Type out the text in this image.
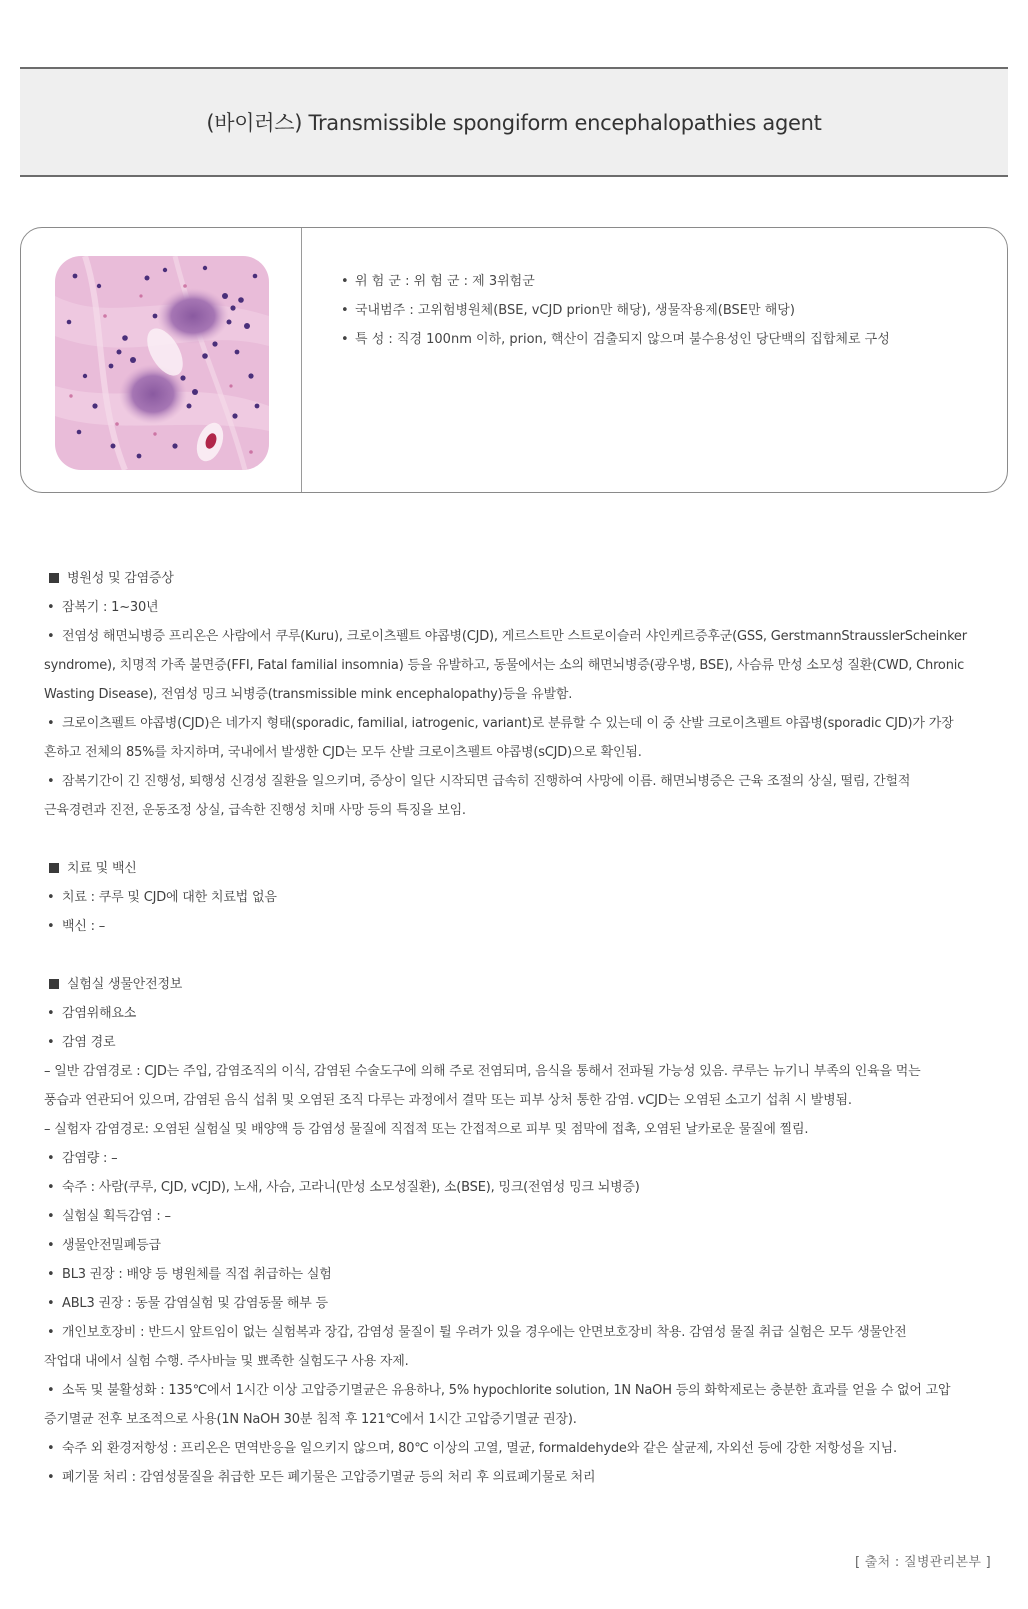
(바이러스) Transmissible spongiform encephalopathies agent
• 위 험 군 : 위 험 군 : 제 3위험군
• 국내범주 : 고위험병원체(BSE, vCJD prion만 해당), 생물작용제(BSE만 해당)
• 특 성 : 직경 100nm 이하, prion, 핵산이 검출되지 않으며 불수용성인 당단백의 집합체로 구성

병원성 및 감염증상

• 잠복기 : 1~30년

• 전염성 해면뇌병증 프리온은 사람에서 쿠루(Kuru), 크로이츠펠트 야콥병(CJD), 게르스트만 스트로이슬러 샤인케르증후군(GSS, GerstmannStrausslerScheinker

syndrome), 치명적 가족 불면증(FFI, Fatal familial insomnia) 등을 유발하고, 동물에서는 소의 해면뇌병증(광우병, BSE), 사슴류 만성 소모성 질환(CWD, Chronic

Wasting Disease), 전염성 밍크 뇌병증(transmissible mink encephalopathy)등을 유발함.

• 크로이츠펠트 야콥병(CJD)은 네가지 형태(sporadic, familial, iatrogenic, variant)로 분류할 수 있는데 이 중 산발 크로이츠펠트 야콥병(sporadic CJD)가 가장

흔하고 전체의 85%를 차지하며, 국내에서 발생한 CJD는 모두 산발 크로이츠펠트 야콥병(sCJD)으로 확인됨.

• 잠복기간이 긴 진행성, 퇴행성 신경성 질환을 일으키며, 증상이 일단 시작되면 급속히 진행하여 사망에 이름. 해면뇌병증은 근육 조절의 상실, 떨림, 간헐적

근육경련과 진전, 운동조정 상실, 급속한 진행성 치매 사망 등의 특징을 보임.

치료 및 백신

• 치료 : 쿠루 및 CJD에 대한 치료법 없음

• 백신 : –

실험실 생물안전정보

• 감염위해요소

• 감염 경로

– 일반 감염경로 : CJD는 주입, 감염조직의 이식, 감염된 수술도구에 의해 주로 전염되며, 음식을 통해서 전파될 가능성 있음. 쿠루는 뉴기니 부족의 인육을 먹는

풍습과 연관되어 있으며, 감염된 음식 섭취 및 오염된 조직 다루는 과정에서 결막 또는 피부 상처 통한 감염. vCJD는 오염된 소고기 섭취 시 발병됨.

– 실험자 감염경로: 오염된 실험실 및 배양액 등 감염성 물질에 직접적 또는 간접적으로 피부 및 점막에 접촉, 오염된 날카로운 물질에 찔림.

• 감염량 : –

• 숙주 : 사람(쿠루, CJD, vCJD), 노새, 사슴, 고라니(만성 소모성질환), 소(BSE), 밍크(전염성 밍크 뇌병증)

• 실험실 획득감염 : –

• 생물안전밀폐등급

• BL3 권장 : 배양 등 병원체를 직접 취급하는 실험

• ABL3 권장 : 동물 감염실험 및 감염동물 해부 등

• 개인보호장비 : 반드시 앞트임이 없는 실험복과 장갑, 감염성 물질이 튈 우려가 있을 경우에는 안면보호장비 착용. 감염성 물질 취급 실험은 모두 생물안전

작업대 내에서 실험 수행. 주사바늘 및 뾰족한 실험도구 사용 자제.

• 소독 및 불활성화 : 135℃에서 1시간 이상 고압증기멸균은 유용하나, 5% hypochlorite solution, 1N NaOH 등의 화학제로는 충분한 효과를 얻을 수 없어 고압

증기멸균 전후 보조적으로 사용(1N NaOH 30분 침적 후 121℃에서 1시간 고압증기멸균 권장).

• 숙주 외 환경저항성 : 프리온은 면역반응을 일으키지 않으며, 80℃ 이상의 고열, 멸균, formaldehyde와 같은 살균제, 자외선 등에 강한 저항성을 지님.

• 폐기물 처리 : 감염성물질을 취급한 모든 폐기물은 고압증기멸균 등의 처리 후 의료폐기물로 처리

[ 출처 : 질병관리본부 ]
